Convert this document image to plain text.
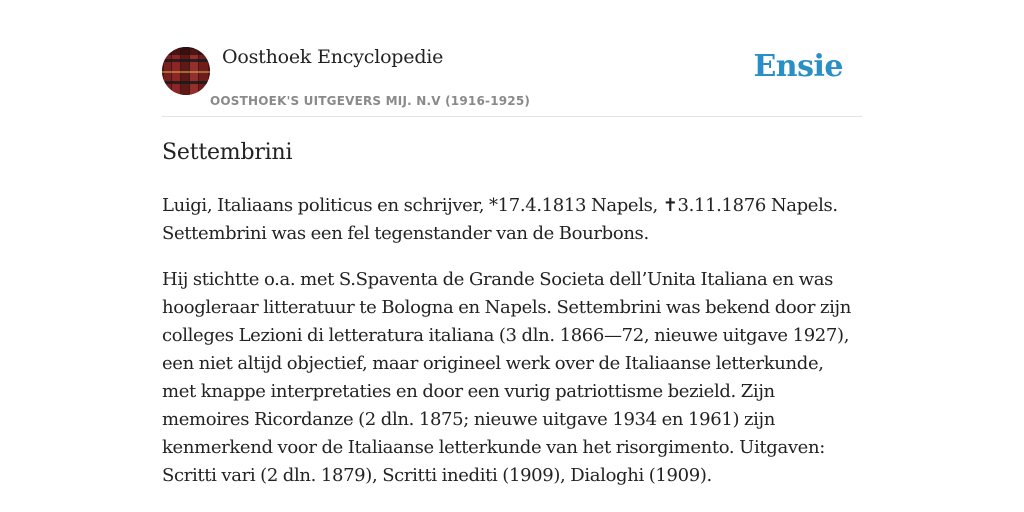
Oosthoek Encyclopedie
OOSTHOEK'S UITGEVERS MIJ. N.V (1916-1925)
Ensie
Settembrini

Luigi, Italiaans politicus en schrijver, *17.4.1813 Napels, ✝3.11.1876 Napels. Settembrini was een fel tegenstander van de Bourbons.

Hij stichtte o.a. met S.Spaventa de Grande Societa dell’Unita Italiana en was hoogleraar litteratuur te Bologna en Napels. Settembrini was bekend door zijn colleges Lezioni di letteratura italiana (3 dln. 1866—72, nieuwe uitgave 1927), een niet altijd objectief, maar origineel werk over de Italiaanse letterkunde, met knappe interpretaties en door een vurig patriottisme bezield. Zijn memoires Ricordanze (2 dln. 1875; nieuwe uitgave 1934 en 1961) zijn kenmerkend voor de Italiaanse letterkunde van het risorgimento. Uitgaven: Scritti vari (2 dln. 1879), Scritti inediti (1909), Dialoghi (1909).
